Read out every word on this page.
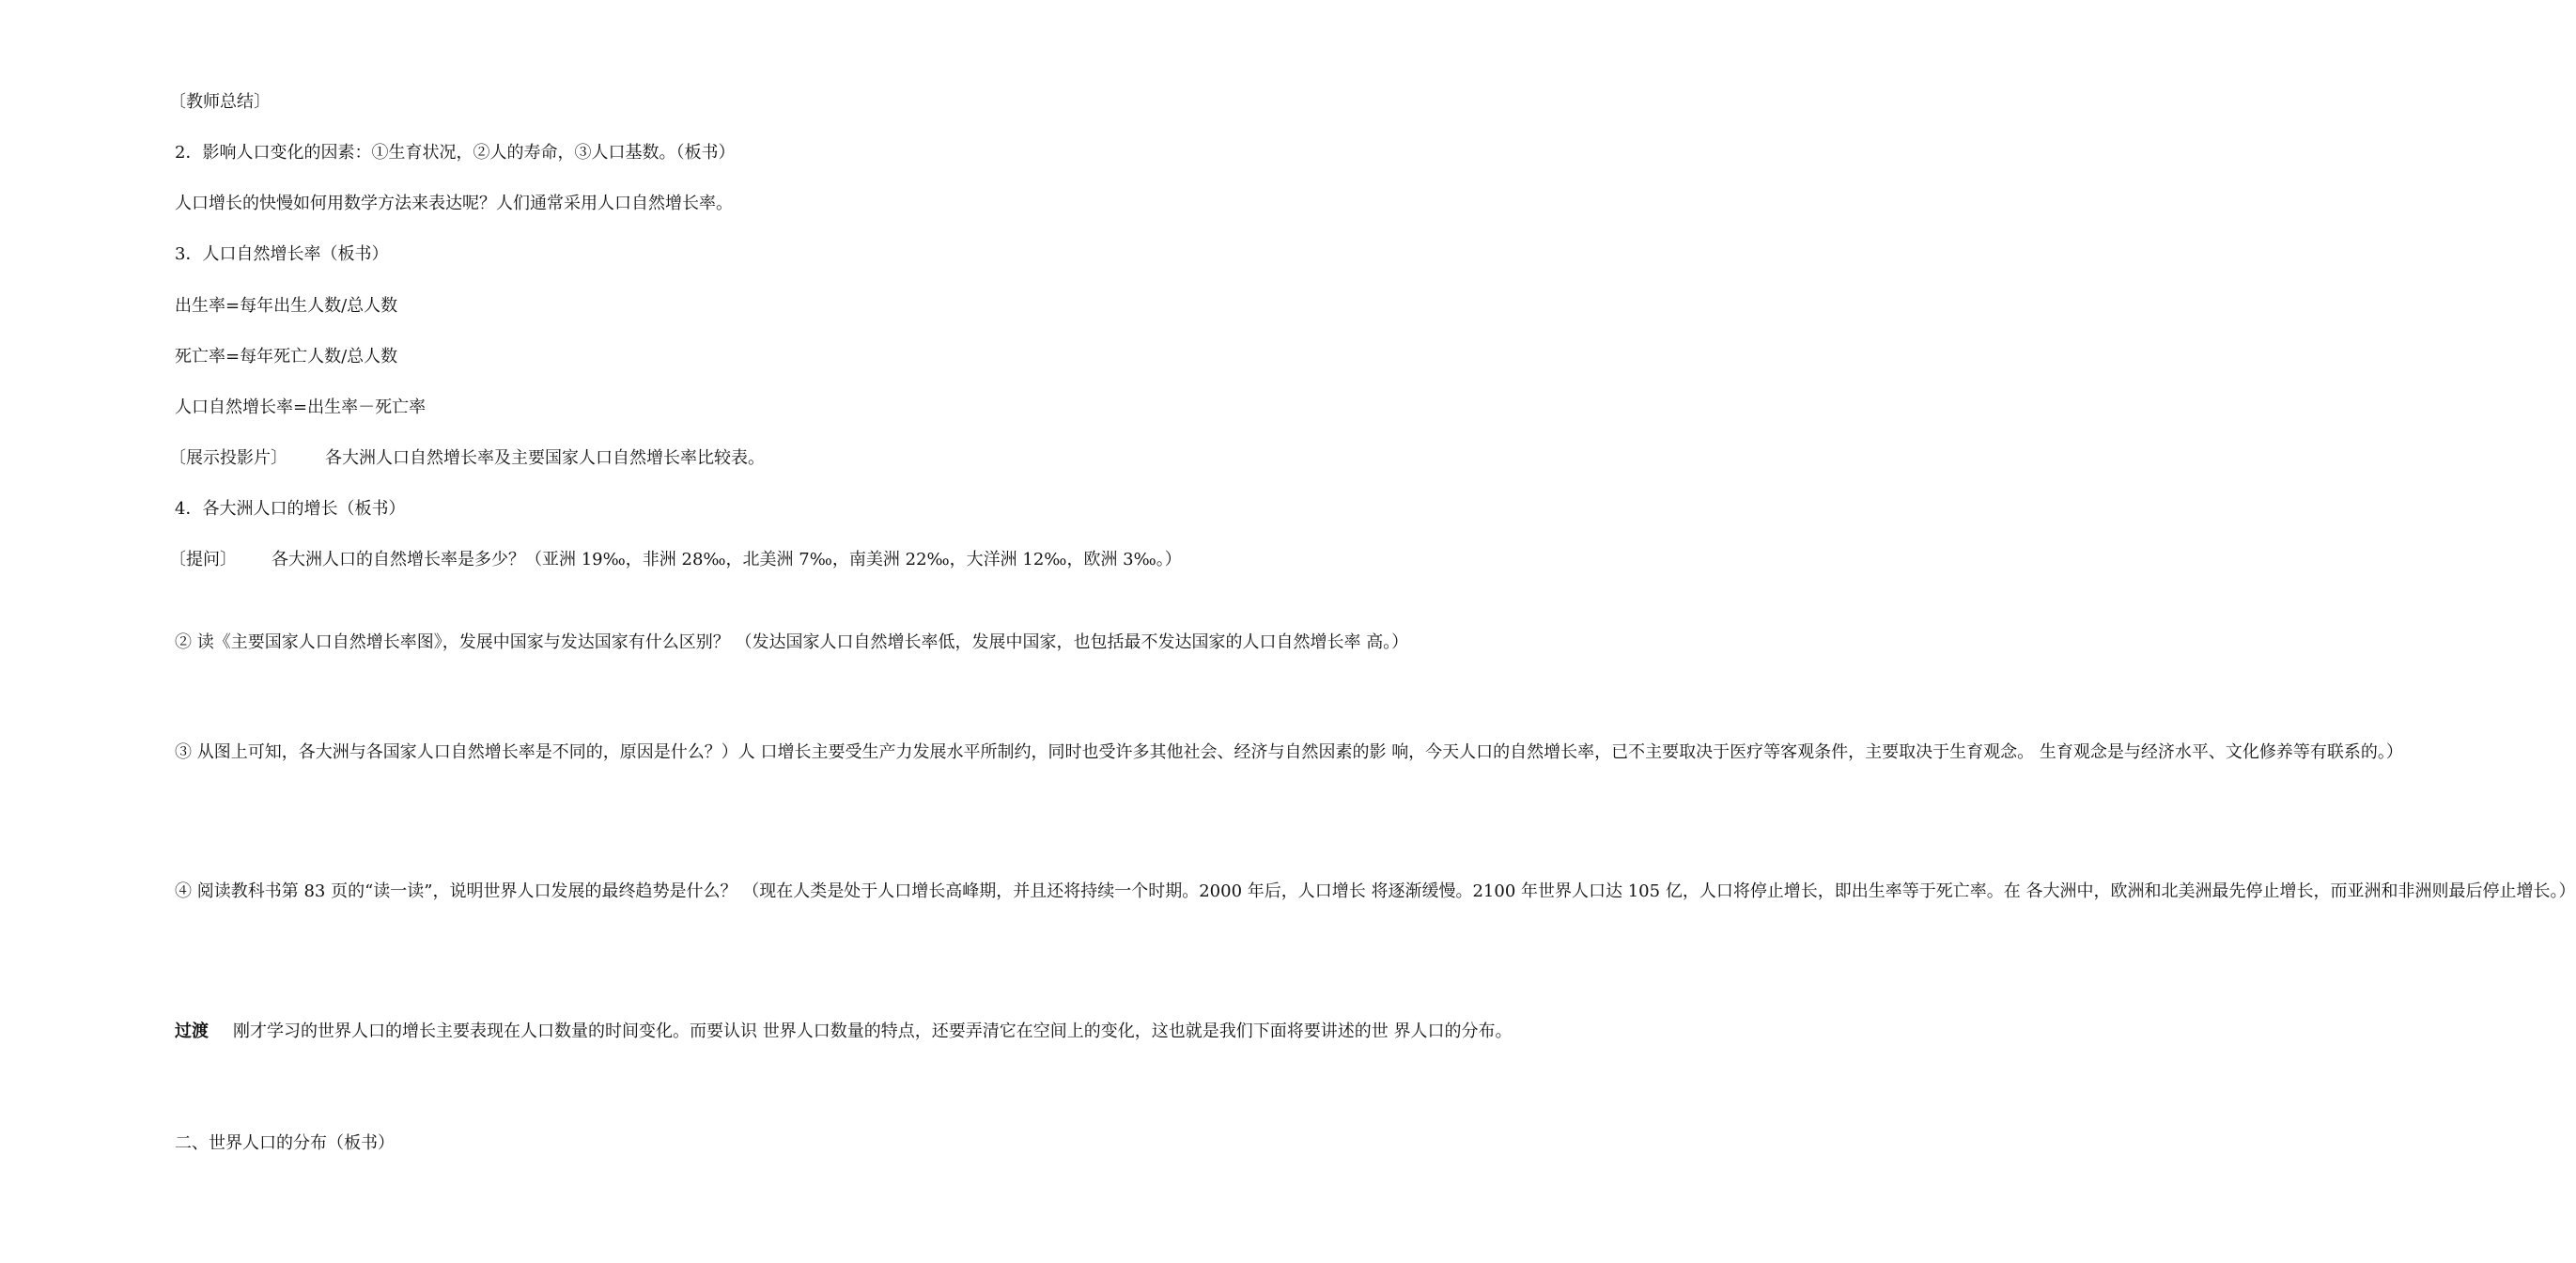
〔教师总结〕

2．影响人口变化的因素：①生育状况，②人的寿命，③人口基数。（板书）

人口增长的快慢如何用数学方法来表达呢？人们通常采用人口自然增长率。

3．人口自然增长率（板书）

出生率=每年出生人数/总人数

死亡率=每年死亡人数/总人数

人口自然增长率=出生率－死亡率

〔展示投影片〕 各大洲人口自然增长率及主要国家人口自然增长率比较表。

4．各大洲人口的增长（板书）

〔提问〕 各大洲人口的自然增长率是多少？（亚洲 19‰，非洲 28‰，北美洲 7‰，南美洲 22‰，大洋洲 12‰，欧洲 3‰。）
② 读《主要国家人口自然增长率图》，发展中国家与发达国家有什么区别？ （发达国家人口自然增长率低，发展中国家，也包括最不发达国家的人口自然增长率 高。）
③ 从图上可知，各大洲与各国家人口自然增长率是不同的，原因是什么？）人 口增长主要受生产力发展水平所制约，同时也受许多其他社会、经济与自然因素的影 响，今天人口的自然增长率，已不主要取决于医疗等客观条件，主要取决于生育观念。 生育观念是与经济水平、文化修养等有联系的。）
④ 阅读教科书第 83 页的“读一读”，说明世界人口发展的最终趋势是什么？ （现在人类是处于人口增长高峰期，并且还将持续一个时期。2000 年后，人口增长 将逐渐缓慢。2100 年世界人口达 105 亿，人口将停止增长，即出生率等于死亡率。在 各大洲中，欧洲和北美洲最先停止增长，而亚洲和非洲则最后停止增长。）
过渡 刚才学习的世界人口的增长主要表现在人口数量的时间变化。而要认识 世界人口数量的特点，还要弄清它在空间上的变化，这也就是我们下面将要讲述的世 界人口的分布。

二、世界人口的分布（板书）
